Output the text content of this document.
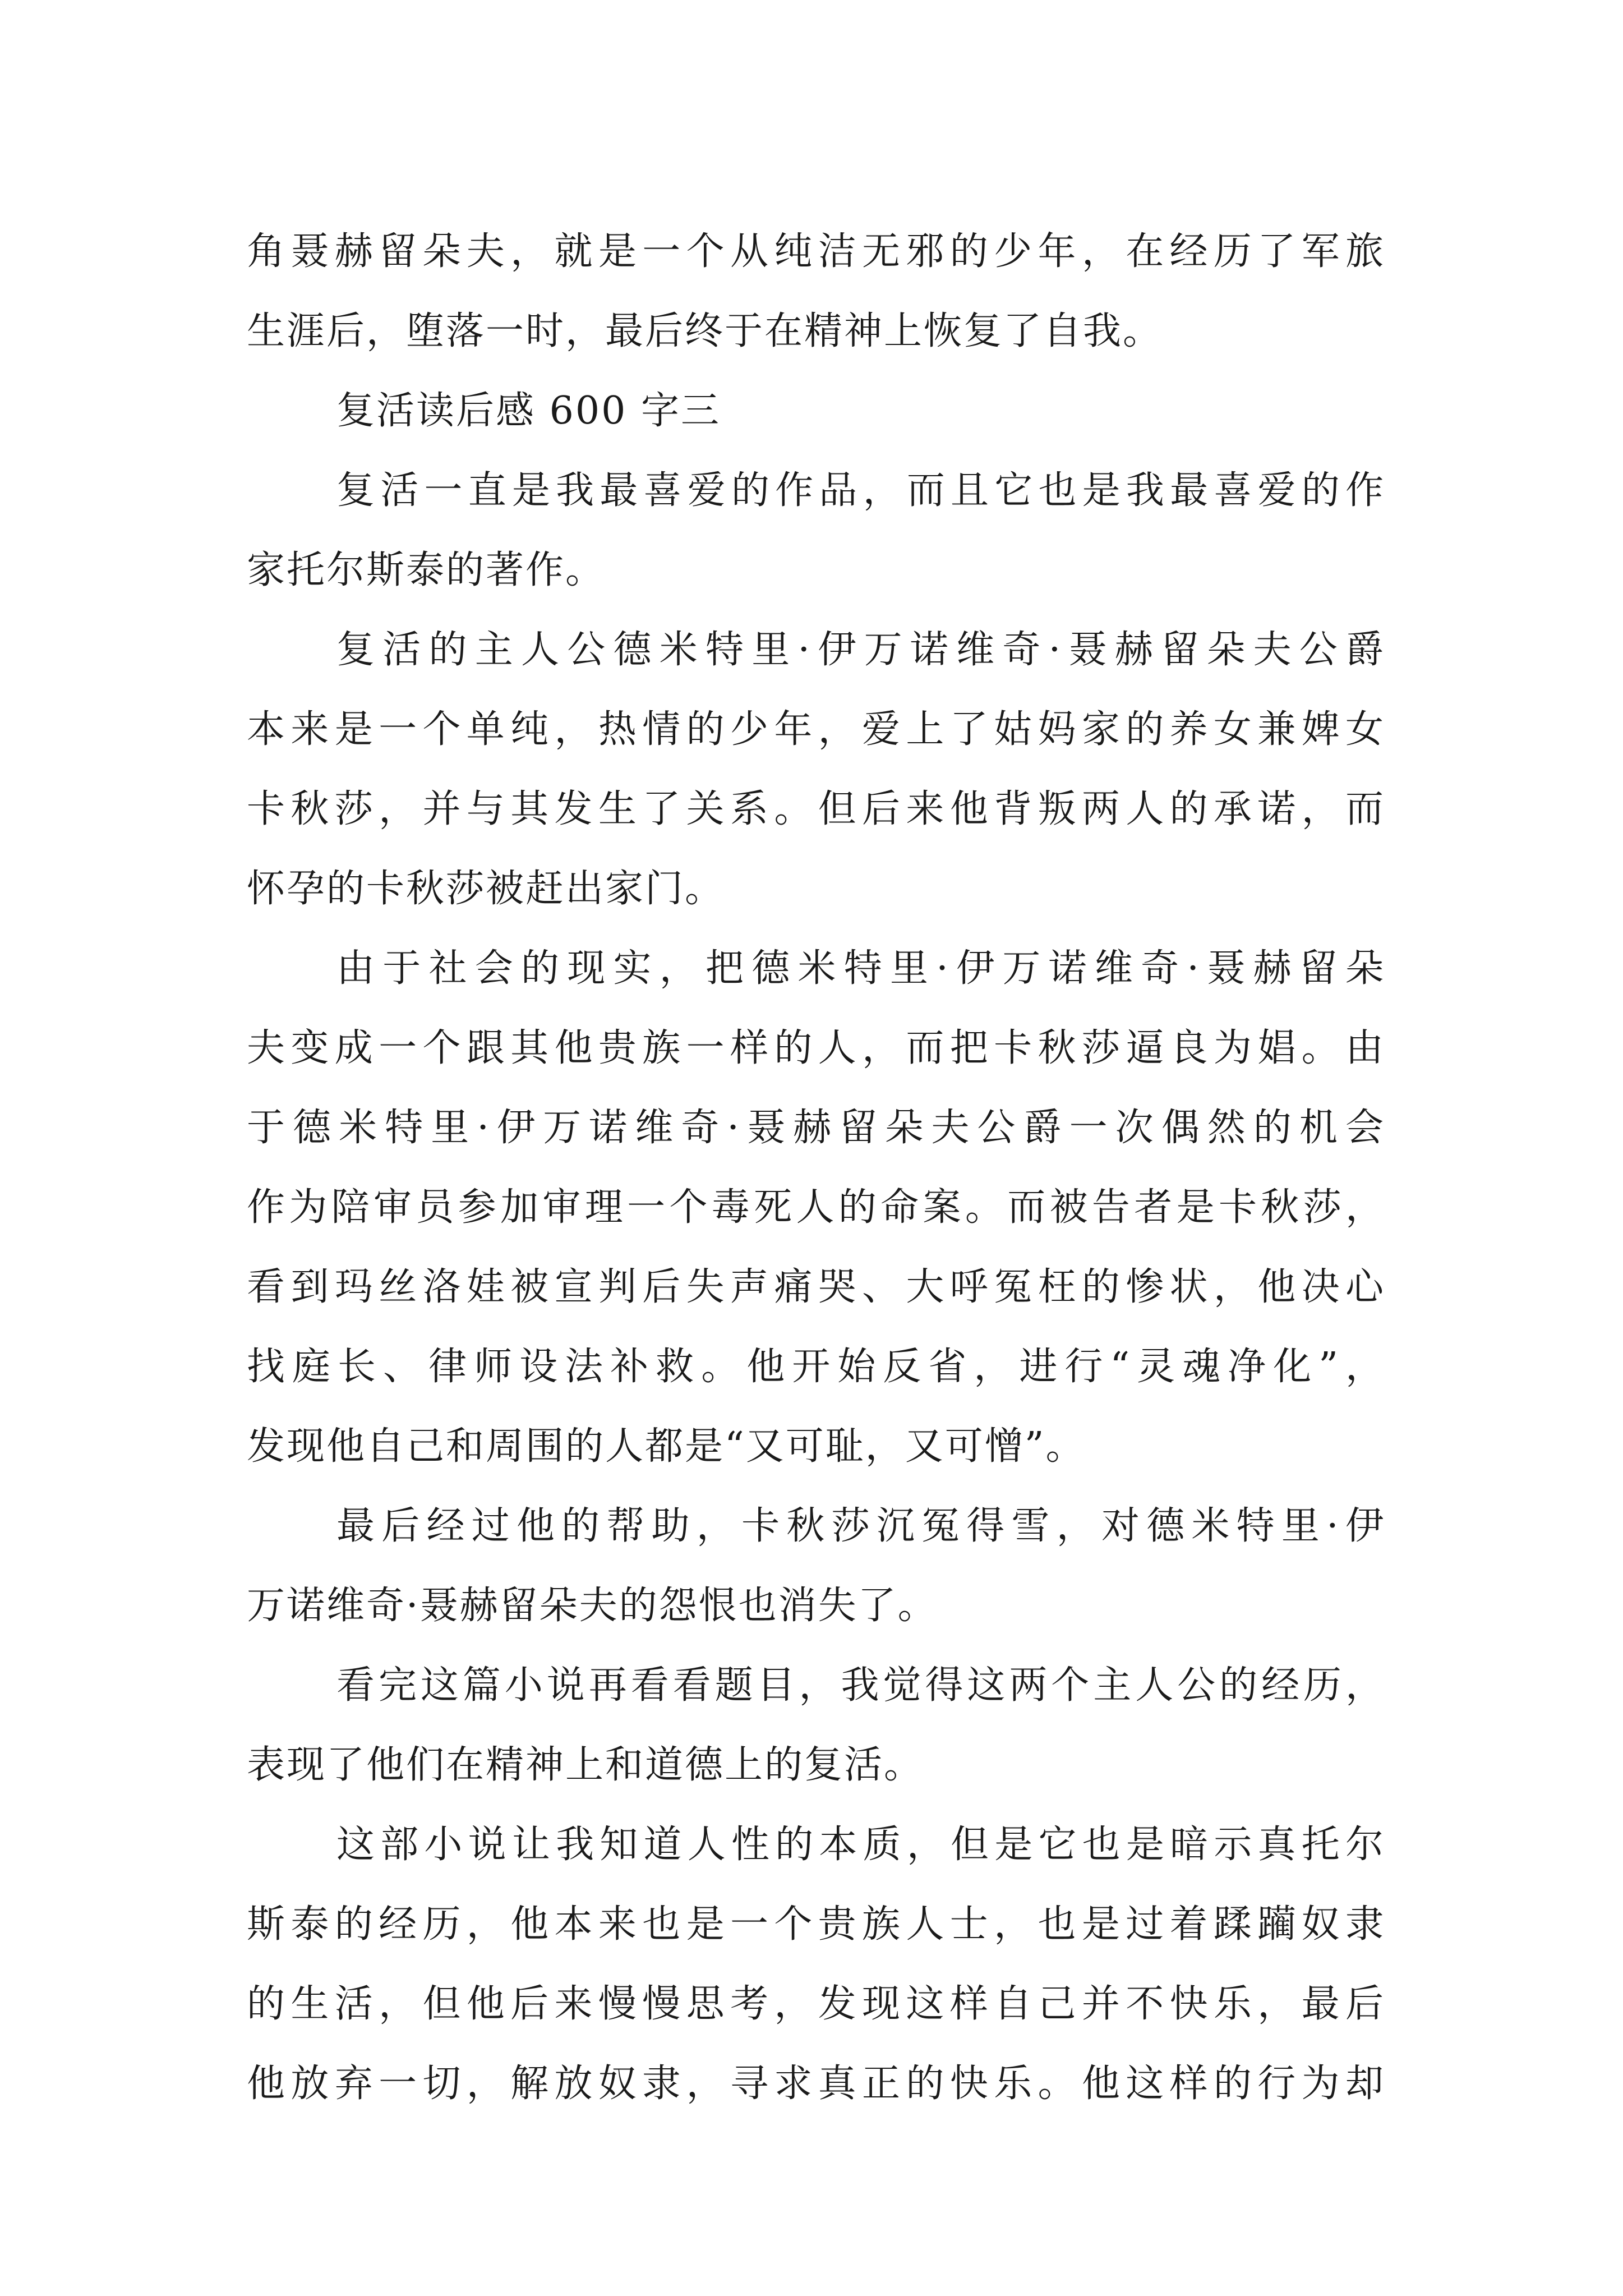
角聂赫留朵夫，就是一个从纯洁无邪的少年，在经历了军旅
生涯后，堕落一时，最后终于在精神上恢复了自我。
复活读后感 600 字三
复活一直是我最喜爱的作品，而且它也是我最喜爱的作
家托尔斯泰的著作。
复活的主人公德米特里·伊万诺维奇·聂赫留朵夫公爵
本来是一个单纯，热情的少年，爱上了姑妈家的养女兼婢女
卡秋莎，并与其发生了关系。但后来他背叛两人的承诺，而
怀孕的卡秋莎被赶出家门。
由于社会的现实，把德米特里·伊万诺维奇·聂赫留朵
夫变成一个跟其他贵族一样的人，而把卡秋莎逼良为娼。由
于德米特里·伊万诺维奇·聂赫留朵夫公爵一次偶然的机会
作为陪审员参加审理一个毒死人的命案。而被告者是卡秋莎，
看到玛丝洛娃被宣判后失声痛哭、大呼冤枉的惨状，他决心
找庭长、律师设法补救。他开始反省，进行“灵魂净化”，
发现他自己和周围的人都是“又可耻，又可憎”。
最后经过他的帮助，卡秋莎沉冤得雪，对德米特里·伊
万诺维奇·聂赫留朵夫的怨恨也消失了。
看完这篇小说再看看题目，我觉得这两个主人公的经历，
表现了他们在精神上和道德上的复活。
这部小说让我知道人性的本质，但是它也是暗示真托尔
斯泰的经历，他本来也是一个贵族人士，也是过着蹂躏奴隶
的生活，但他后来慢慢思考，发现这样自己并不快乐，最后
他放弃一切，解放奴隶，寻求真正的快乐。他这样的行为却
